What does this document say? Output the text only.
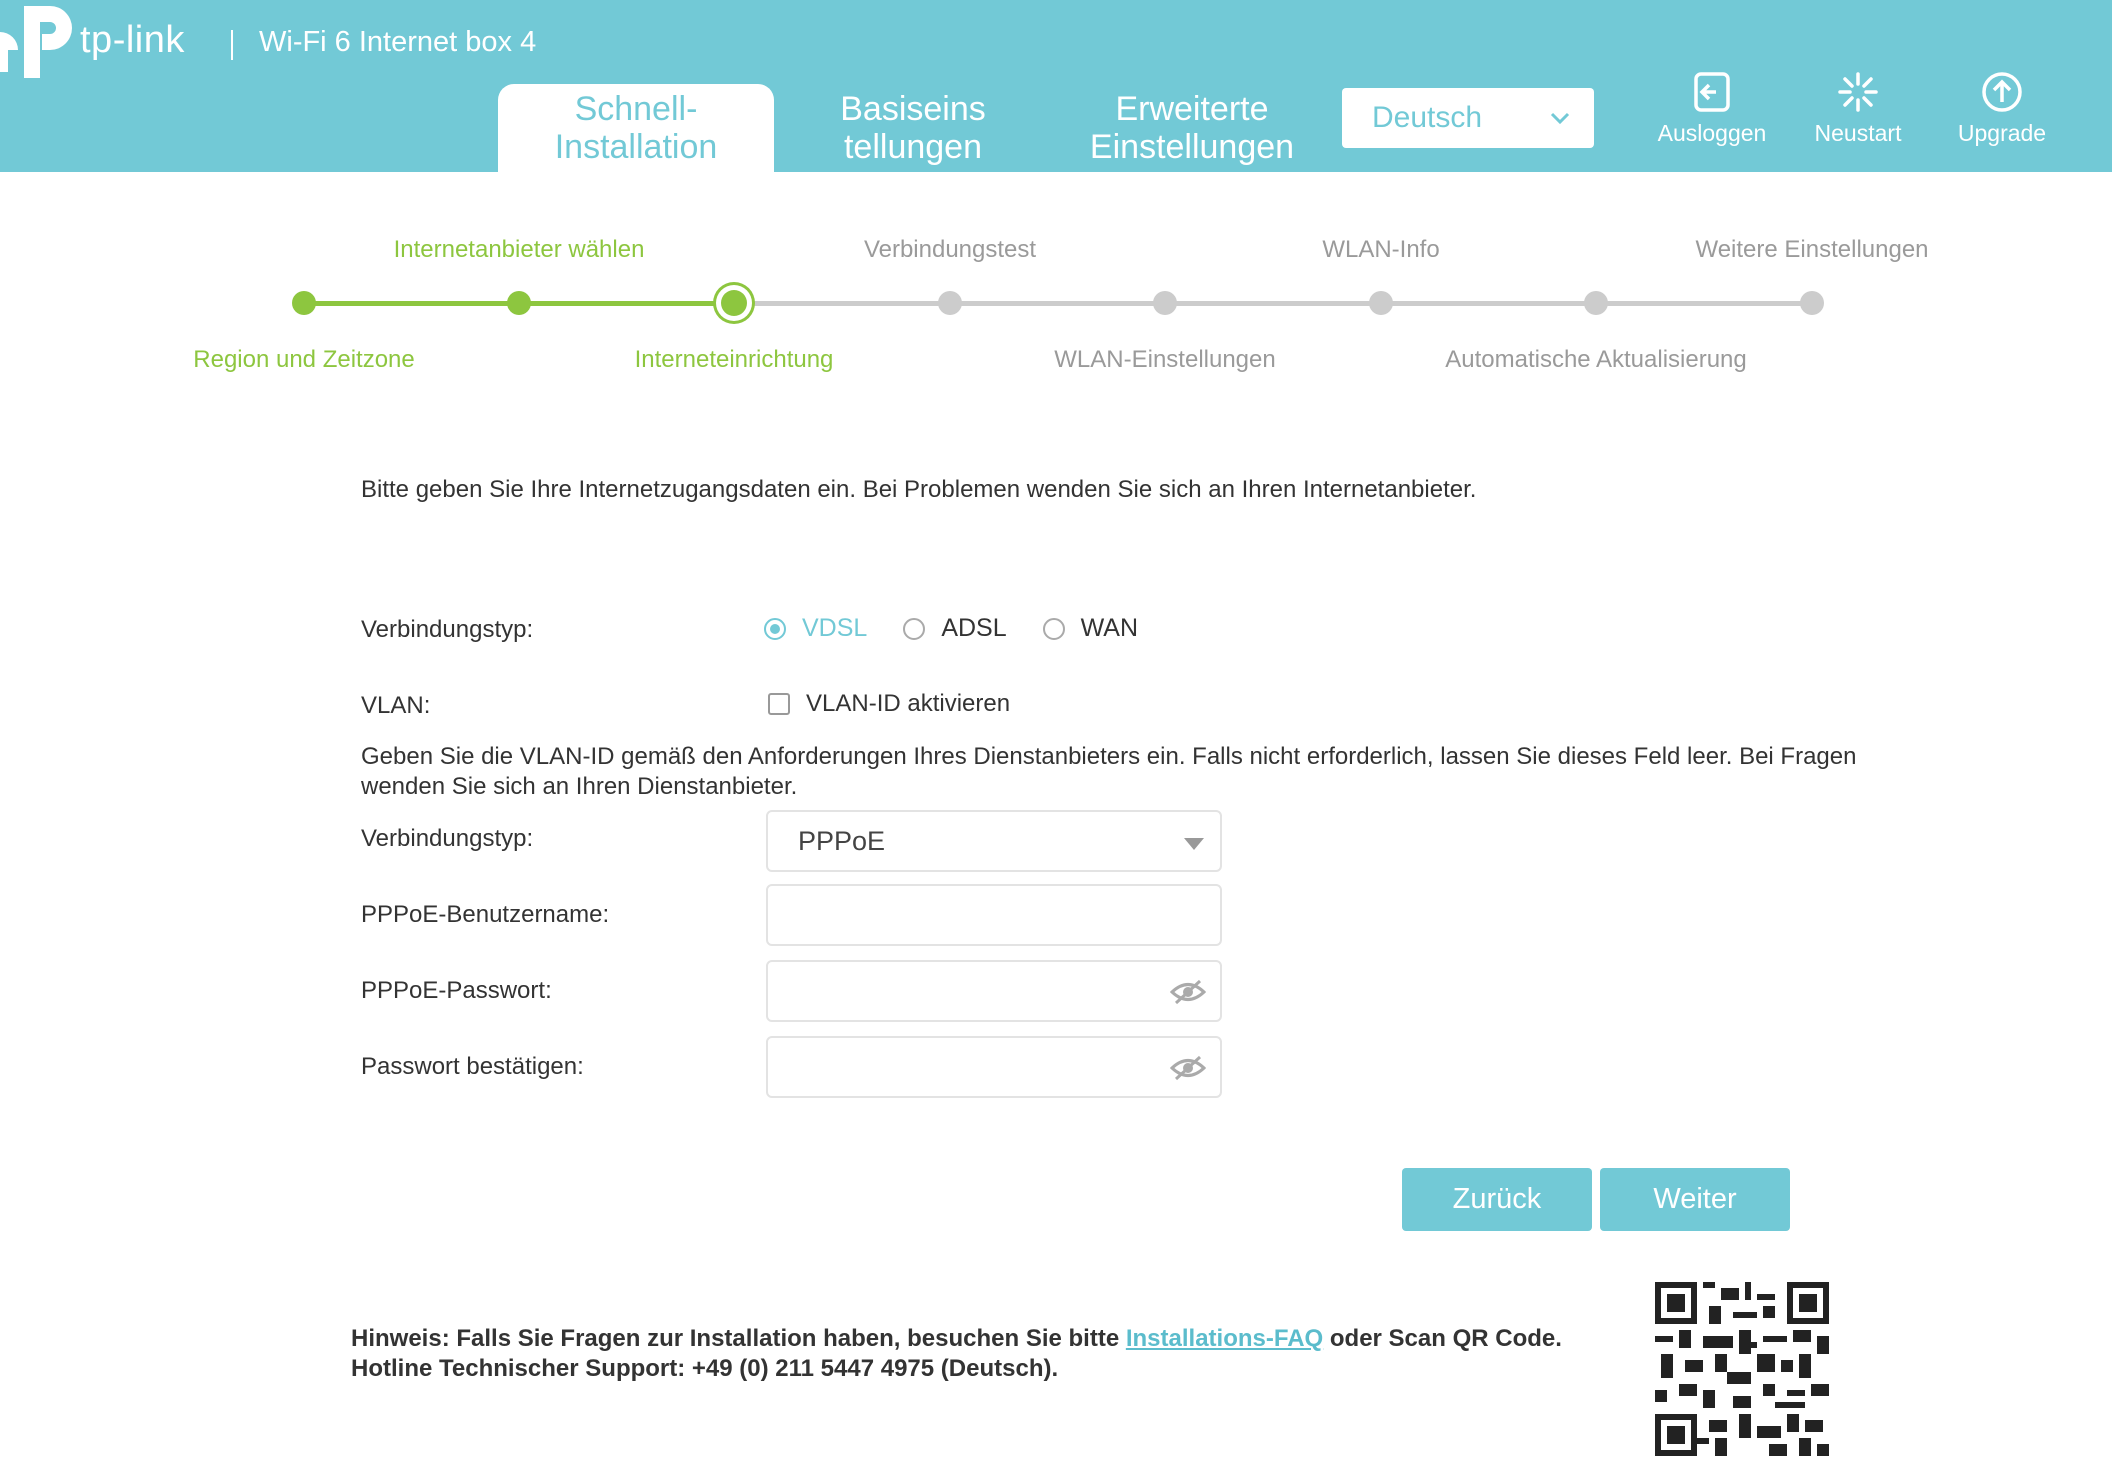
tp-link	Wi-Fi 6 Internet box 4
Schnell-
Installation
Basiseins
tellungen
Erweiterte
Einstellungen
Deutsch	Ausloggen	Neustart	Upgrade
Internetanbieter wählen	Verbindungstest	WLAN-Info	Weitere Einstellungen
Region und Zeitzone	Interneteinrichtung	WLAN-Einstellungen	Automatische Aktualisierung
Bitte geben Sie Ihre Internetzugangsdaten ein. Bei Problemen wenden Sie sich an Ihren Internetanbieter.
Verbindungstyp:	VDSL	ADSL	WAN
VLAN:	VLAN-ID aktivieren
Geben Sie die VLAN-ID gemäß den Anforderungen Ihres Dienstanbieters ein. Falls nicht erforderlich, lassen Sie dieses Feld leer. Bei Fragen wenden Sie sich an Ihren Dienstanbieter.
Verbindungstyp:	PPPoE
PPPoE-Benutzername:
PPPoE-Passwort:
Passwort bestätigen:
Zurück	Weiter
Hinweis: Falls Sie Fragen zur Installation haben, besuchen Sie bitte Installations-FAQ oder Scan QR Code.
Hotline Technischer Support: +49 (0) 211 5447 4975 (Deutsch).
